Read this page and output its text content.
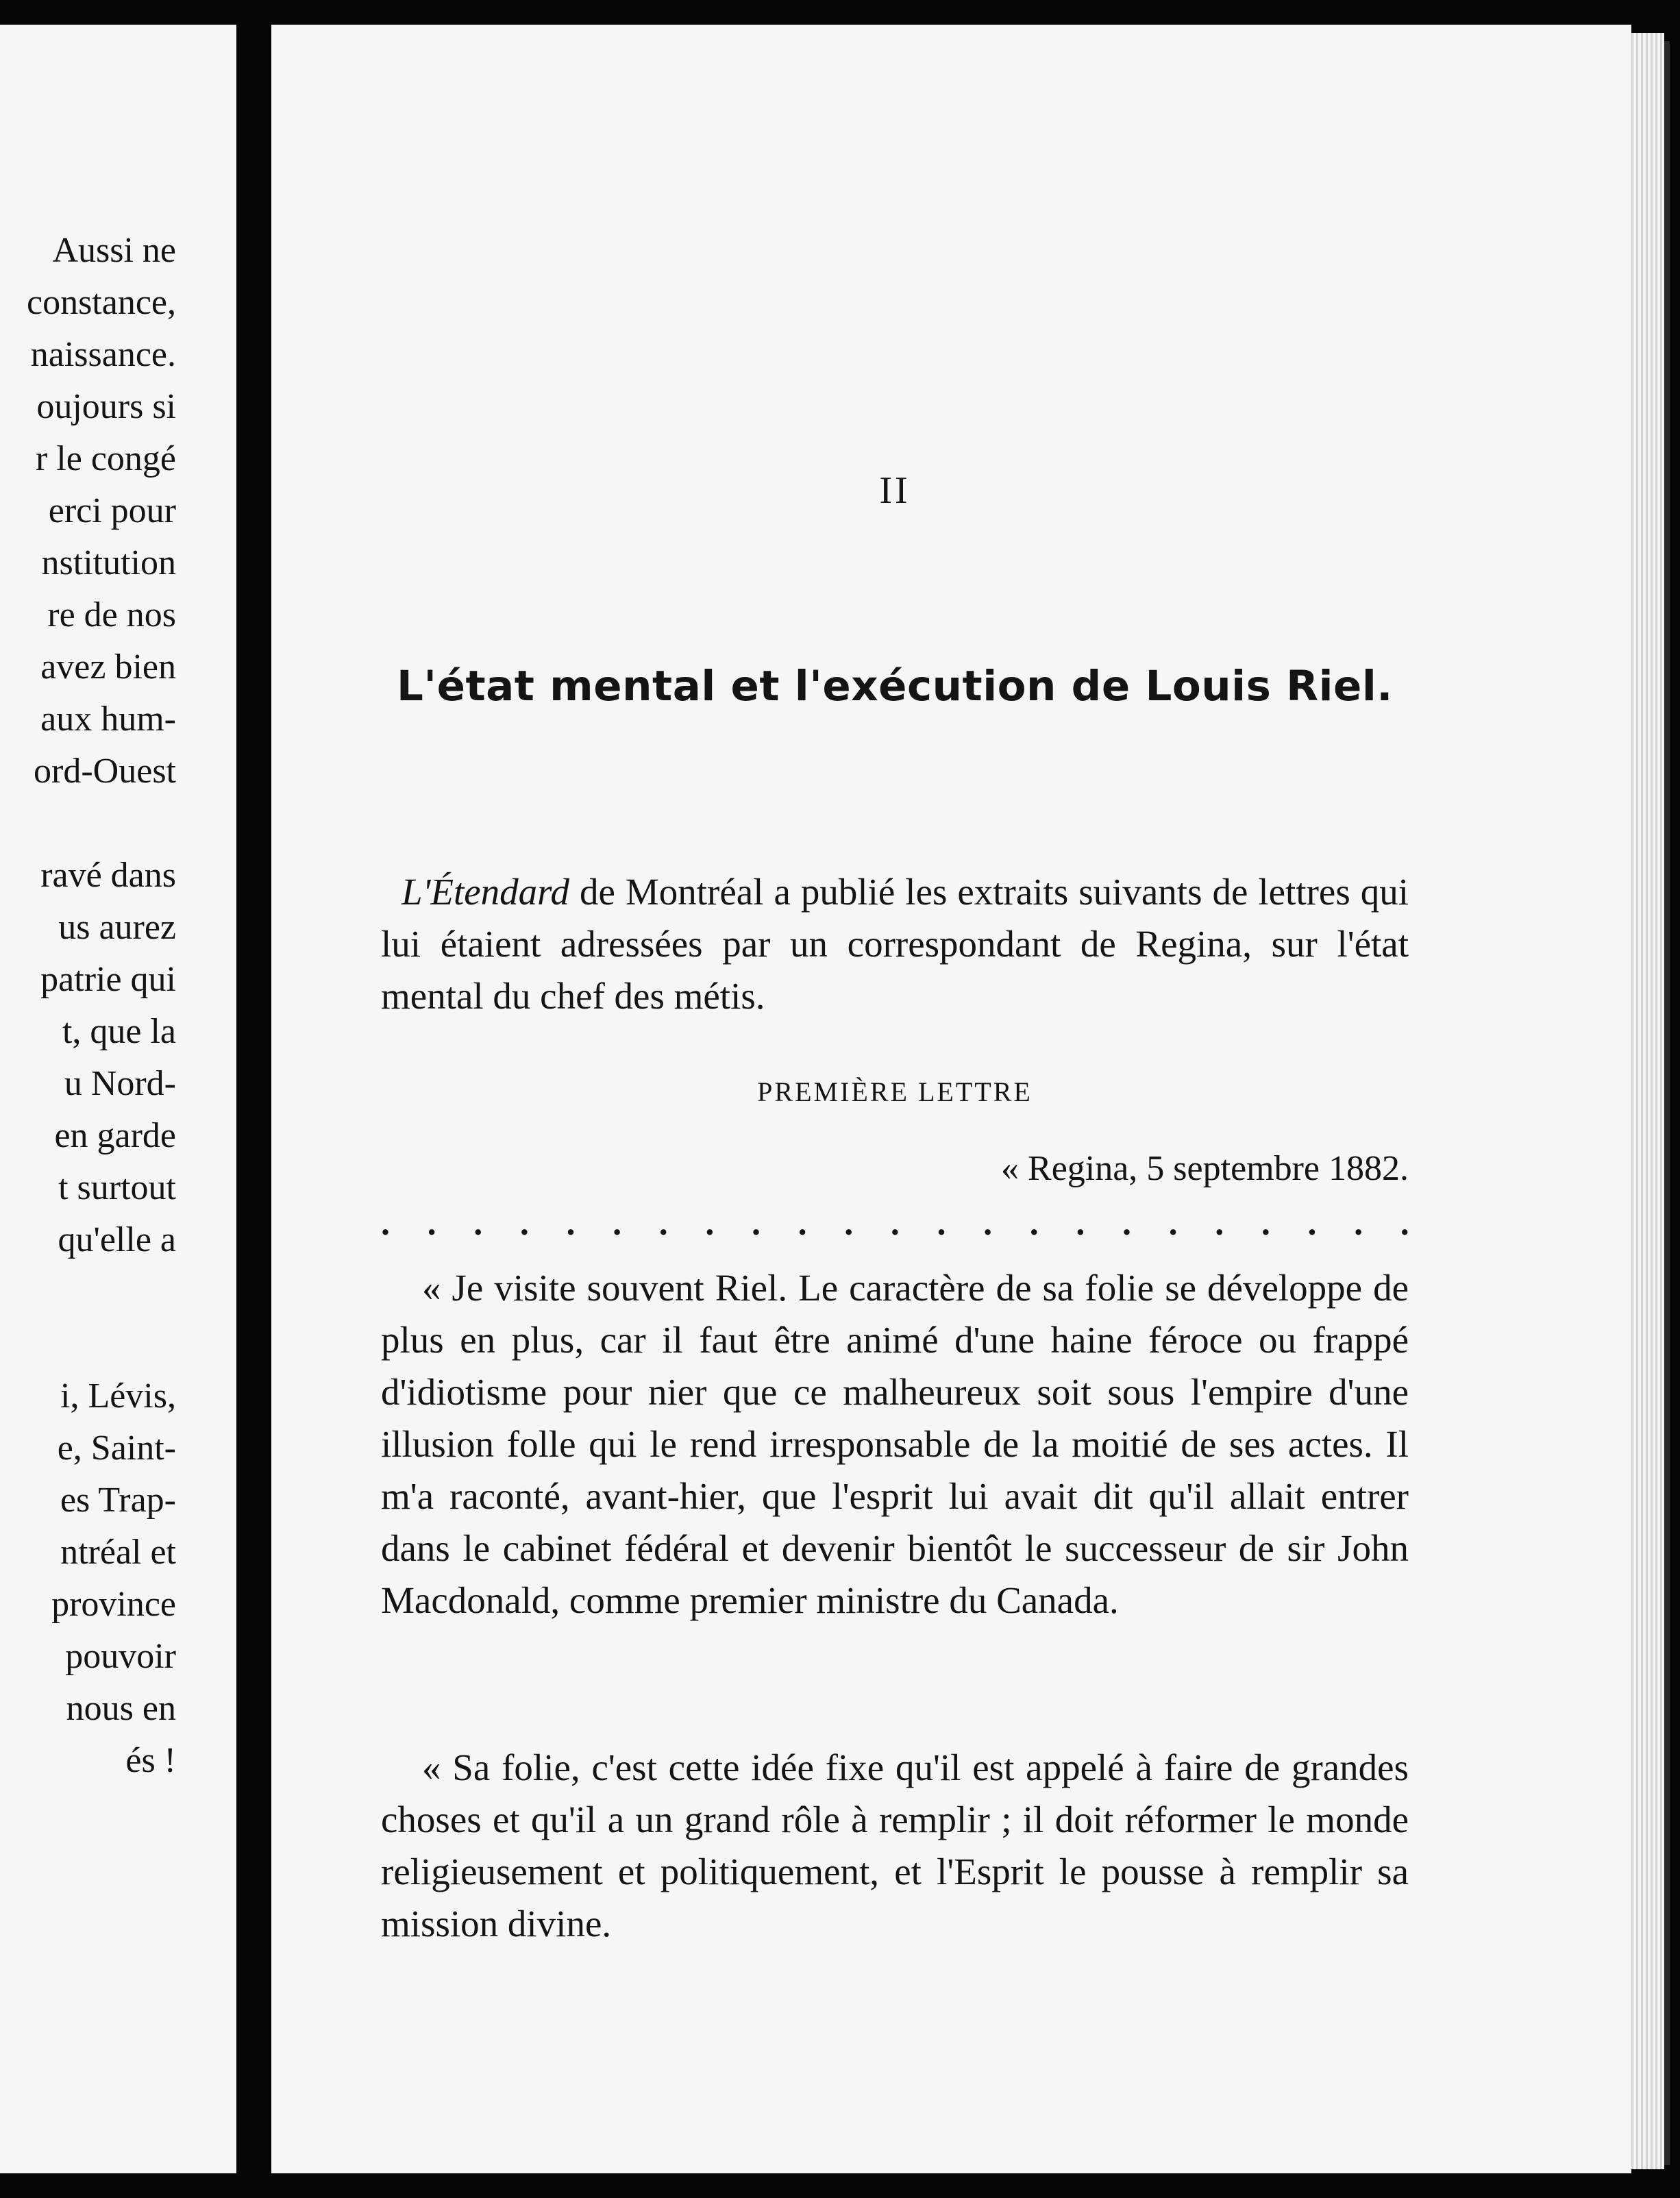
Aussi ne
constance,
naissance.
oujours si
r le congé
erci pour
nstitution
re de nos
avez bien
aux hum-
ord-Ouest
ravé dans
us aurez
patrie qui
t, que la
u Nord-
en garde
t surtout
qu'elle a
i, Lévis,
e, Saint-
es Trap-
ntréal et
province
pouvoir
nous en
és !

II

L'état mental et l'exécution de Louis Riel.

L'Étendard de Montréal a publié les extraits suivants de lettres qui lui étaient adressées par un correspondant de Regina, sur l'état mental du chef des métis.

PREMIÈRE LETTRE

« Regina, 5 septembre 1882.

. . . . . . . . . . . . . . . . . . . . . . .

« Je visite souvent Riel. Le caractère de sa folie se développe de plus en plus, car il faut être animé d'une haine féroce ou frappé d'idiotisme pour nier que ce malheureux soit sous l'empire d'une illusion folle qui le rend irresponsable de la moitié de ses actes. Il m'a raconté, avant-hier, que l'esprit lui avait dit qu'il allait entrer dans le cabinet fédéral et devenir bientôt le successeur de sir John Macdonald, comme premier ministre du Canada.

« Sa folie, c'est cette idée fixe qu'il est appelé à faire de grandes choses et qu'il a un grand rôle à remplir ; il doit réformer le monde religieusement et politiquement, et l'Esprit le pousse à remplir sa mission divine.
